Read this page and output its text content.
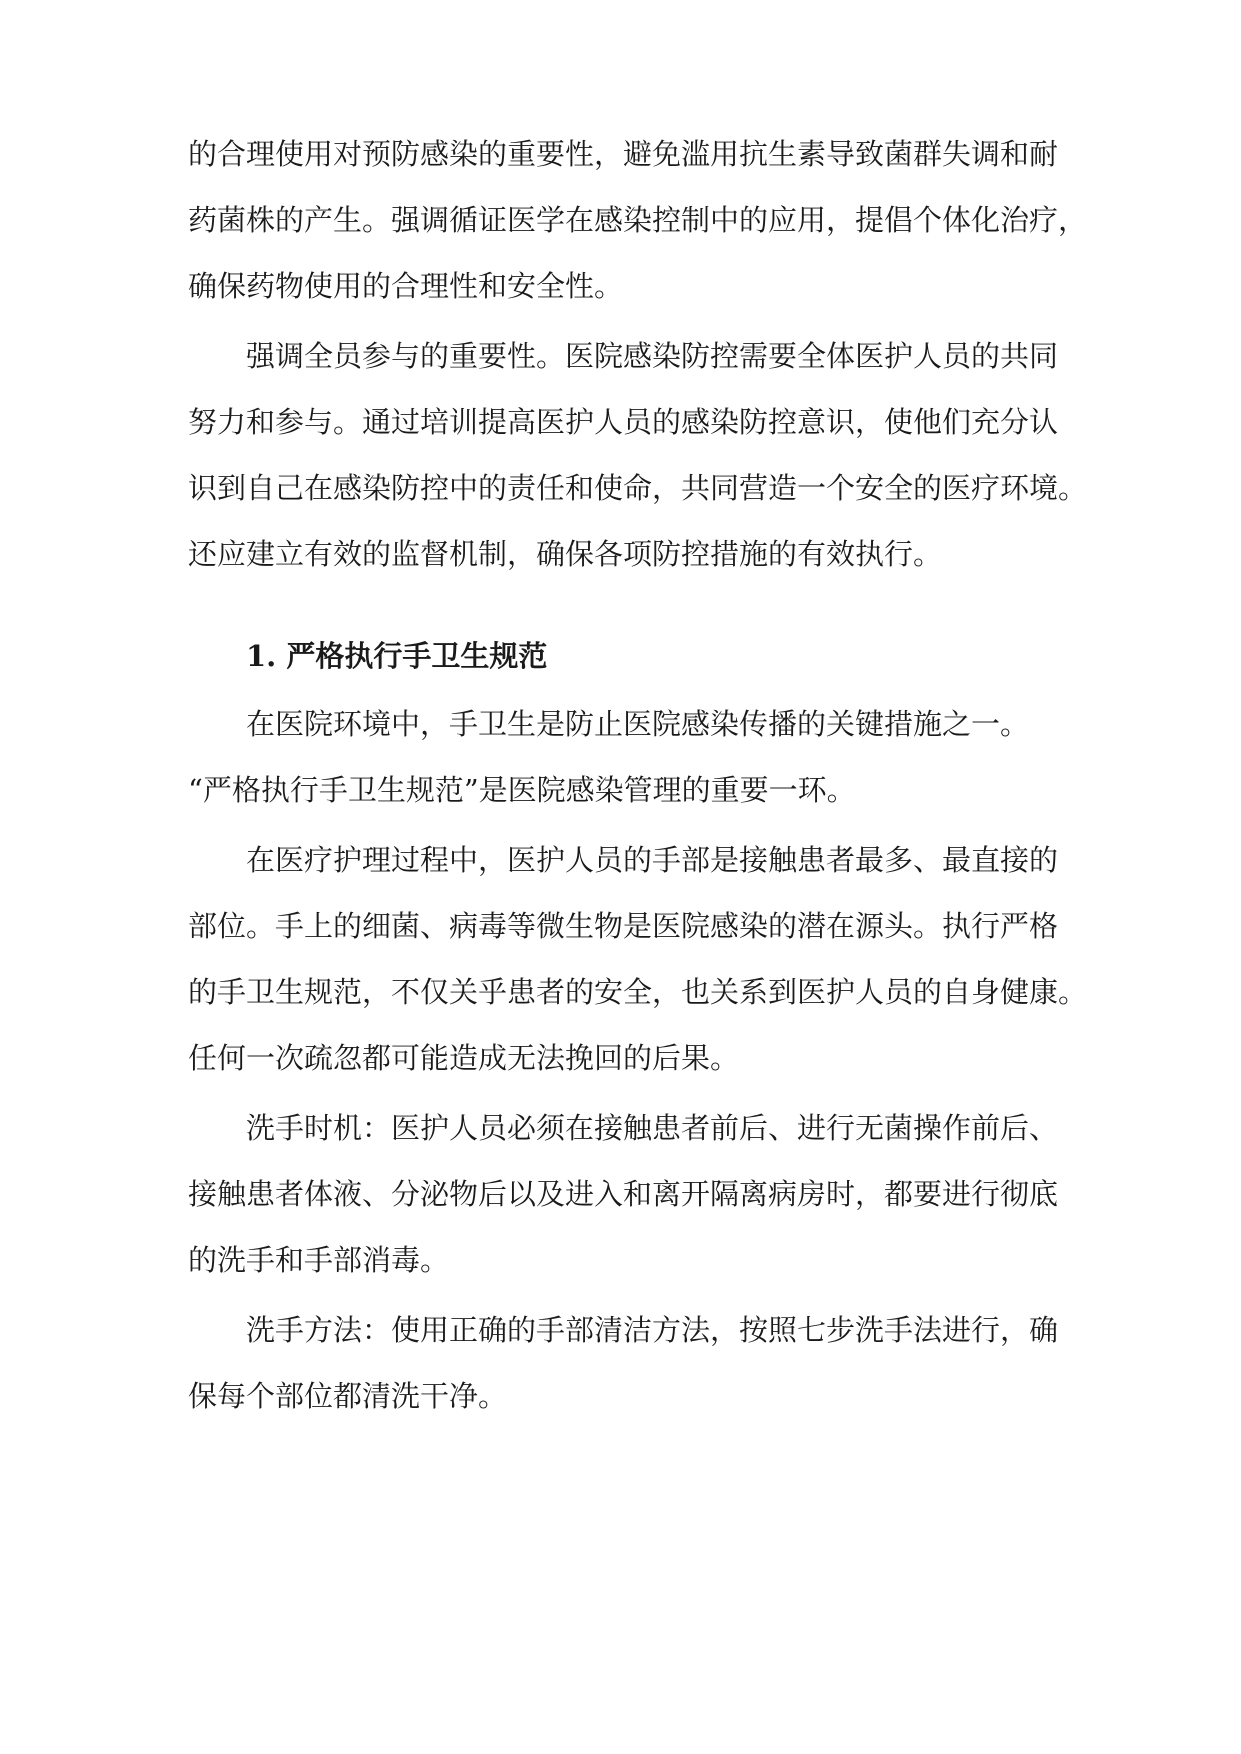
的合理使用对预防感染的重要性，避免滥用抗生素导致菌群失调和耐
药菌株的产生。强调循证医学在感染控制中的应用，提倡个体化治疗，
确保药物使用的合理性和安全性。
强调全员参与的重要性。医院感染防控需要全体医护人员的共同
努力和参与。通过培训提高医护人员的感染防控意识，使他们充分认
识到自己在感染防控中的责任和使命，共同营造一个安全的医疗环境。
还应建立有效的监督机制，确保各项防控措施的有效执行。
1. 严格执行手卫生规范
在医院环境中，手卫生是防止医院感染传播的关键措施之一。
“严格执行手卫生规范”是医院感染管理的重要一环。
在医疗护理过程中，医护人员的手部是接触患者最多、最直接的
部位。手上的细菌、病毒等微生物是医院感染的潜在源头。执行严格
的手卫生规范，不仅关乎患者的安全，也关系到医护人员的自身健康。
任何一次疏忽都可能造成无法挽回的后果。
洗手时机：医护人员必须在接触患者前后、进行无菌操作前后、
接触患者体液、分泌物后以及进入和离开隔离病房时，都要进行彻底
的洗手和手部消毒。
洗手方法：使用正确的手部清洁方法，按照七步洗手法进行，确
保每个部位都清洗干净。
